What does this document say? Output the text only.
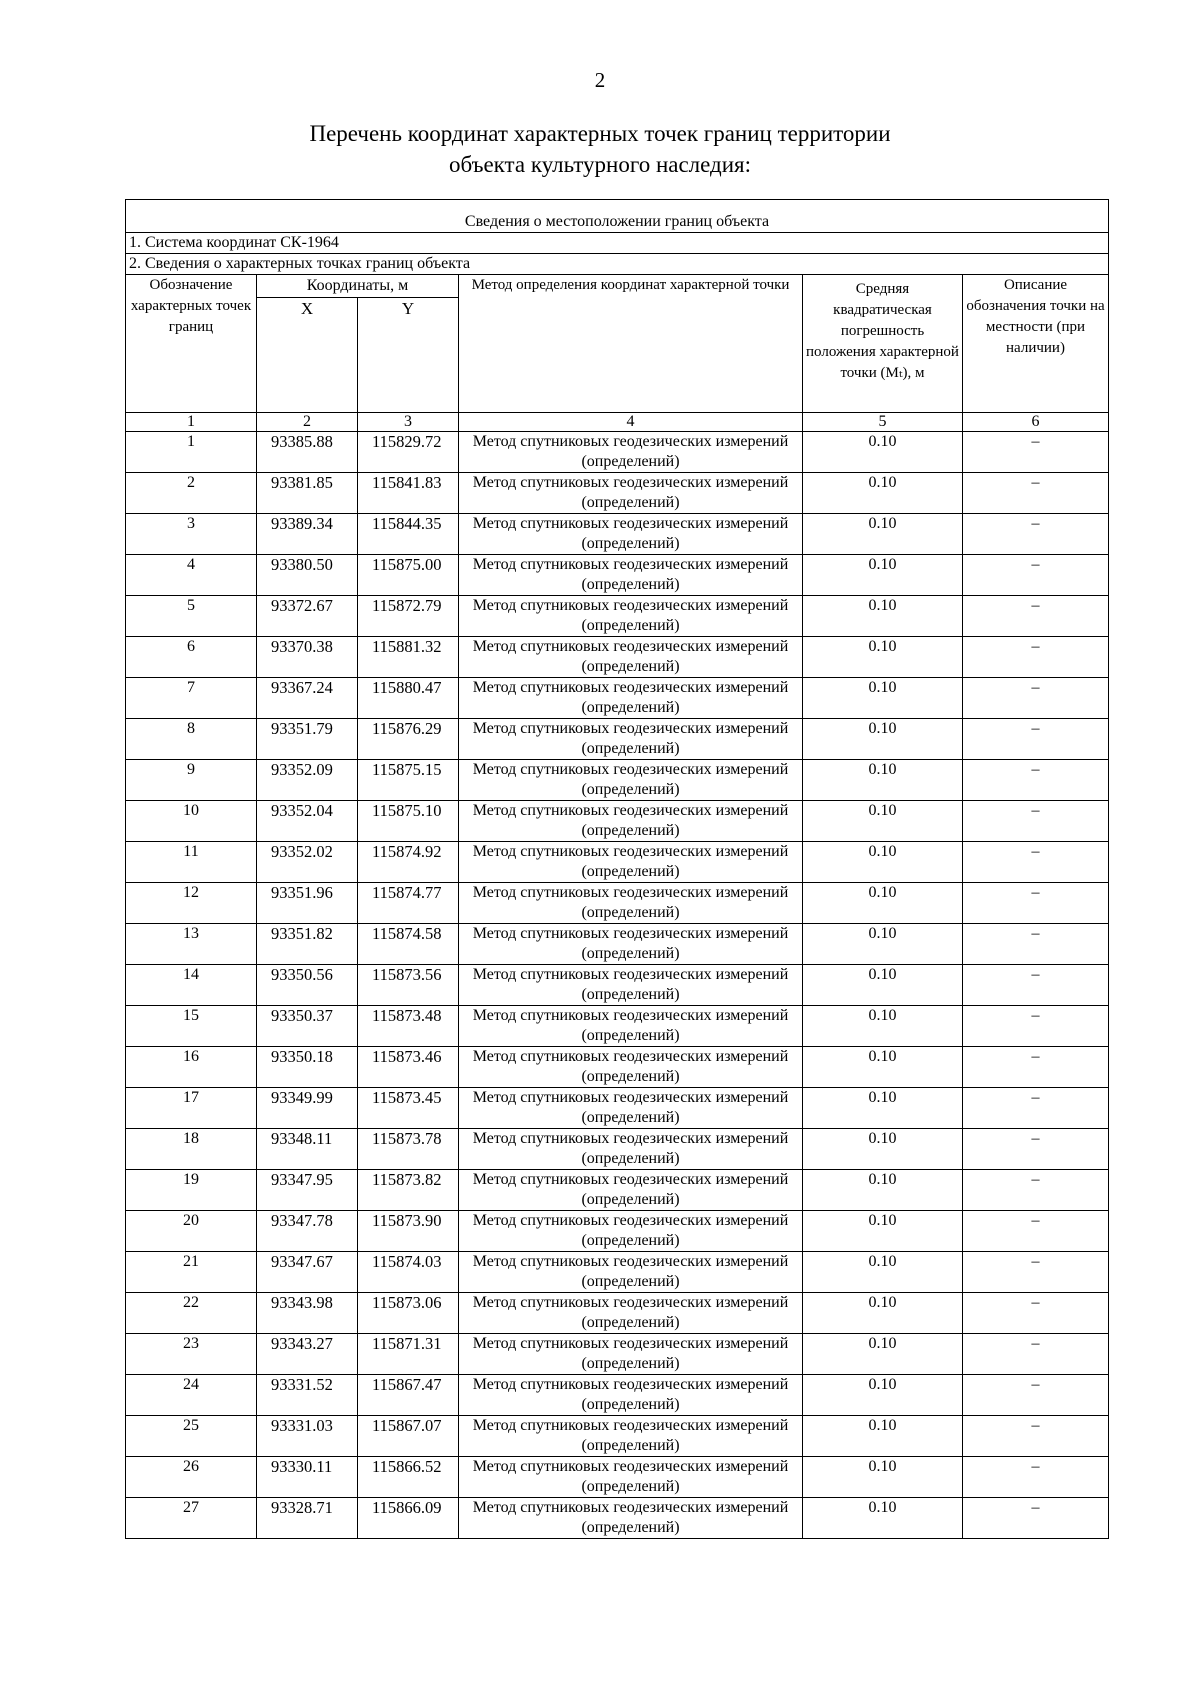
2
Перечень координат характерных точек границ территории
объекта культурного наследия:
Сведения о местоположении границ объекта					
1. Система координат СК-1964					
2. Сведения о характерных точках границ объекта					
Обозначение характерных точек границ	Координаты, м		Метод определения координат характерной точки	Средняя квадратическая погрешность положения характерной точки (Mₜ), м	Описание обозначения точки на местности (при наличии)
	X	Y			
1	2	3	4	5	6
1	93385.88	115829.72	Метод спутниковых геодезических измерений (определений)	0.10	–
2	93381.85	115841.83	Метод спутниковых геодезических измерений (определений)	0.10	–
3	93389.34	115844.35	Метод спутниковых геодезических измерений (определений)	0.10	–
4	93380.50	115875.00	Метод спутниковых геодезических измерений (определений)	0.10	–
5	93372.67	115872.79	Метод спутниковых геодезических измерений (определений)	0.10	–
6	93370.38	115881.32	Метод спутниковых геодезических измерений (определений)	0.10	–
7	93367.24	115880.47	Метод спутниковых геодезических измерений (определений)	0.10	–
8	93351.79	115876.29	Метод спутниковых геодезических измерений (определений)	0.10	–
9	93352.09	115875.15	Метод спутниковых геодезических измерений (определений)	0.10	–
10	93352.04	115875.10	Метод спутниковых геодезических измерений (определений)	0.10	–
11	93352.02	115874.92	Метод спутниковых геодезических измерений (определений)	0.10	–
12	93351.96	115874.77	Метод спутниковых геодезических измерений (определений)	0.10	–
13	93351.82	115874.58	Метод спутниковых геодезических измерений (определений)	0.10	–
14	93350.56	115873.56	Метод спутниковых геодезических измерений (определений)	0.10	–
15	93350.37	115873.48	Метод спутниковых геодезических измерений (определений)	0.10	–
16	93350.18	115873.46	Метод спутниковых геодезических измерений (определений)	0.10	–
17	93349.99	115873.45	Метод спутниковых геодезических измерений (определений)	0.10	–
18	93348.11	115873.78	Метод спутниковых геодезических измерений (определений)	0.10	–
19	93347.95	115873.82	Метод спутниковых геодезических измерений (определений)	0.10	–
20	93347.78	115873.90	Метод спутниковых геодезических измерений (определений)	0.10	–
21	93347.67	115874.03	Метод спутниковых геодезических измерений (определений)	0.10	–
22	93343.98	115873.06	Метод спутниковых геодезических измерений (определений)	0.10	–
23	93343.27	115871.31	Метод спутниковых геодезических измерений (определений)	0.10	–
24	93331.52	115867.47	Метод спутниковых геодезических измерений (определений)	0.10	–
25	93331.03	115867.07	Метод спутниковых геодезических измерений (определений)	0.10	–
26	93330.11	115866.52	Метод спутниковых геодезических измерений (определений)	0.10	–
27	93328.71	115866.09	Метод спутниковых геодезических измерений (определений)	0.10	–
